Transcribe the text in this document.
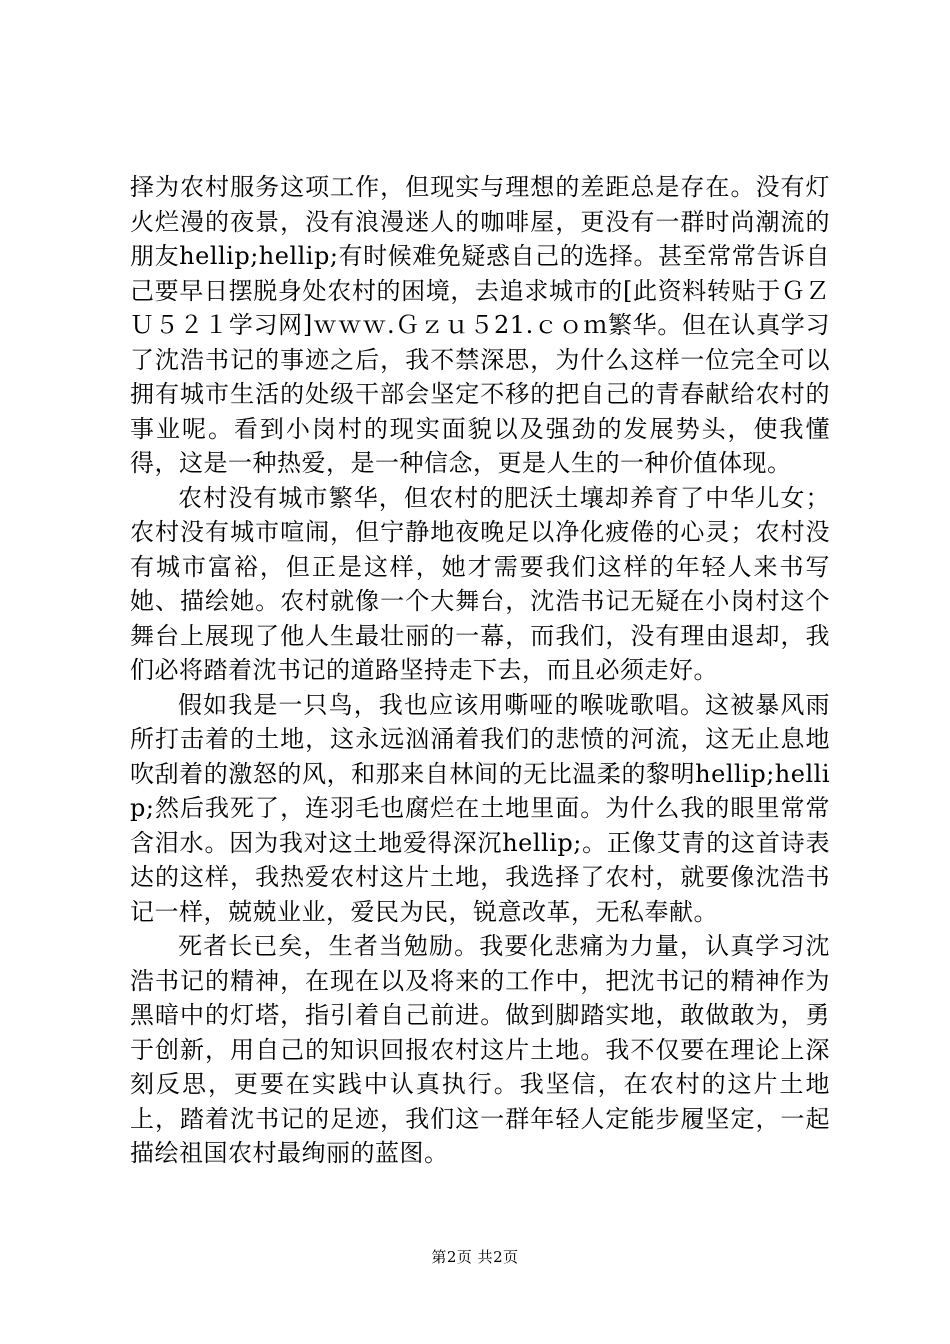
择为农村服务这项工作，但现实与理想的差距总是存在。没有灯火烂漫的夜景，没有浪漫迷人的咖啡屋，更没有一群时尚潮流的朋友hellip;hellip;有时候难免疑惑自己的选择。甚至常常告诉自己要早日摆脱身处农村的困境，去追求城市的[此资料转贴于ＧＺＵ５２１学习网]ｗｗｗ.Ｇｚｕ５21.ｃｏｍ繁华。但在认真学习了沈浩书记的事迹之后，我不禁深思，为什么这样一位完全可以拥有城市生活的处级干部会坚定不移的把自己的青春献给农村的事业呢。看到小岗村的现实面貌以及强劲的发展势头，使我懂得，这是一种热爱，是一种信念，更是人生的一种价值体现。

农村没有城市繁华，但农村的肥沃土壤却养育了中华儿女；农村没有城市喧闹，但宁静地夜晚足以净化疲倦的心灵；农村没有城市富裕，但正是这样，她才需要我们这样的年轻人来书写她、描绘她。农村就像一个大舞台，沈浩书记无疑在小岗村这个舞台上展现了他人生最壮丽的一幕，而我们，没有理由退却，我们必将踏着沈书记的道路坚持走下去，而且必须走好。

假如我是一只鸟，我也应该用嘶哑的喉咙歌唱。这被暴风雨所打击着的土地，这永远汹涌着我们的悲愤的河流，这无止息地吹刮着的激怒的风，和那来自林间的无比温柔的黎明hellip;hellip;然后我死了，连羽毛也腐烂在土地里面。为什么我的眼里常常含泪水。因为我对这土地爱得深沉hellip;。正像艾青的这首诗表达的这样，我热爱农村这片土地，我选择了农村，就要像沈浩书记一样，兢兢业业，爱民为民，锐意改革，无私奉献。

死者长已矣，生者当勉励。我要化悲痛为力量，认真学习沈浩书记的精神，在现在以及将来的工作中，把沈书记的精神作为黑暗中的灯塔，指引着自己前进。做到脚踏实地，敢做敢为，勇于创新，用自己的知识回报农村这片土地。我不仅要在理论上深刻反思，更要在实践中认真执行。我坚信，在农村的这片土地上，踏着沈书记的足迹，我们这一群年轻人定能步履坚定，一起描绘祖国农村最绚丽的蓝图。

第2页 共2页
